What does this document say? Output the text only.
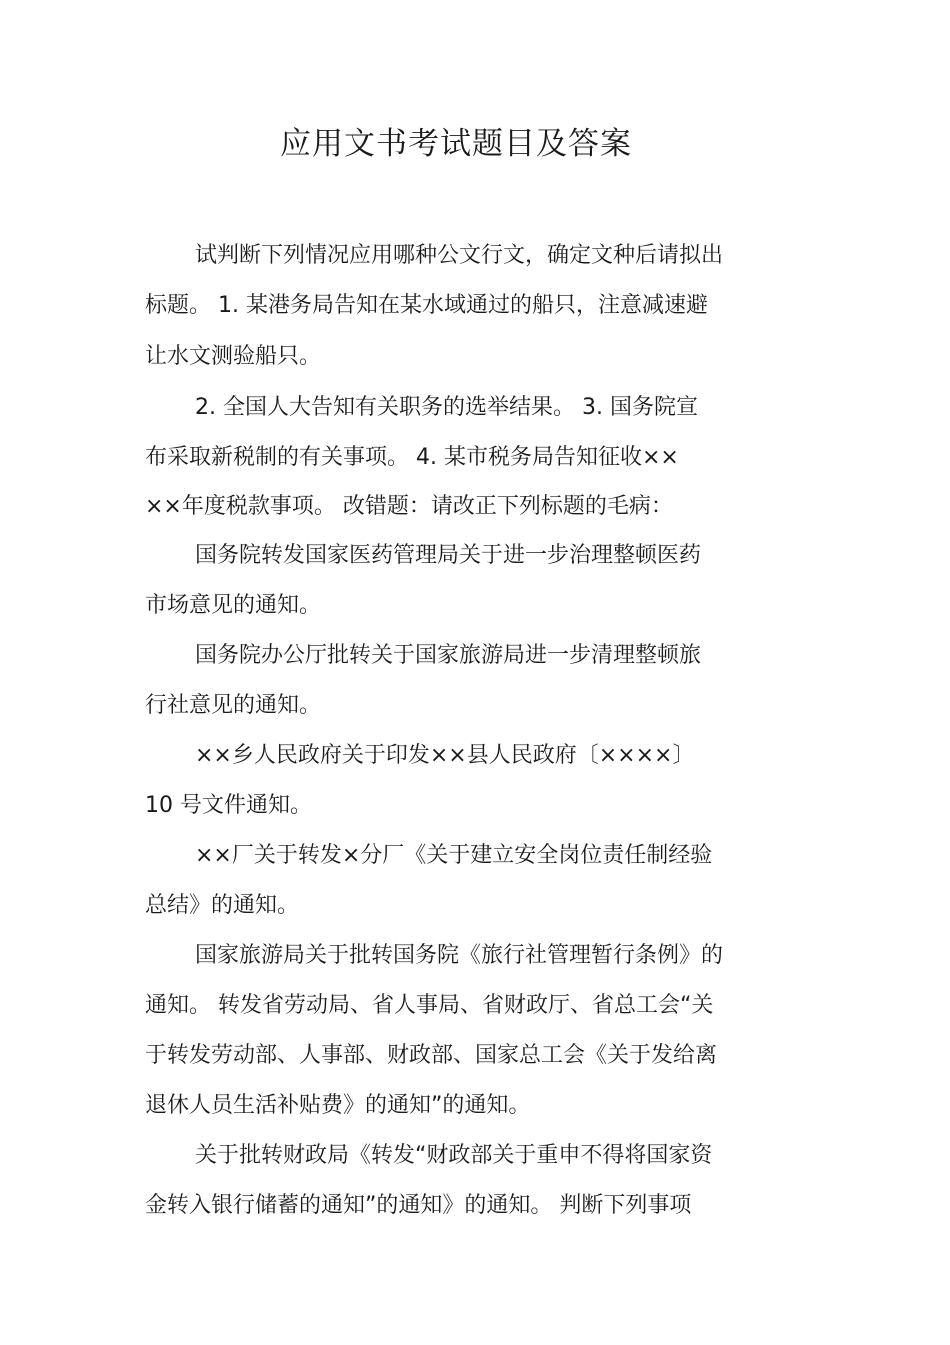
应用文书考试题目及答案
试判断下列情况应用哪种公文行文，确定文种后请拟出
标题。 1. 某港务局告知在某水域通过的船只，注意减速避
让水文测验船只。
2. 全国人大告知有关职务的选举结果。 3. 国务院宣
布采取新税制的有关事项。 4. 某市税务局告知征收××
××年度税款事项。 改错题：请改正下列标题的毛病：
国务院转发国家医药管理局关于进一步治理整顿医药
市场意见的通知。
国务院办公厅批转关于国家旅游局进一步清理整顿旅
行社意见的通知。
××乡人民政府关于印发××县人民政府〔××××〕
10 号文件通知。
××厂关于转发×分厂《关于建立安全岗位责任制经验
总结》的通知。
国家旅游局关于批转国务院《旅行社管理暂行条例》的
通知。 转发省劳动局、省人事局、省财政厅、省总工会“关
于转发劳动部、人事部、财政部、国家总工会《关于发给离
退休人员生活补贴费》的通知”的通知。
关于批转财政局《转发“财政部关于重申不得将国家资
金转入银行储蓄的通知”的通知》的通知。 判断下列事项
